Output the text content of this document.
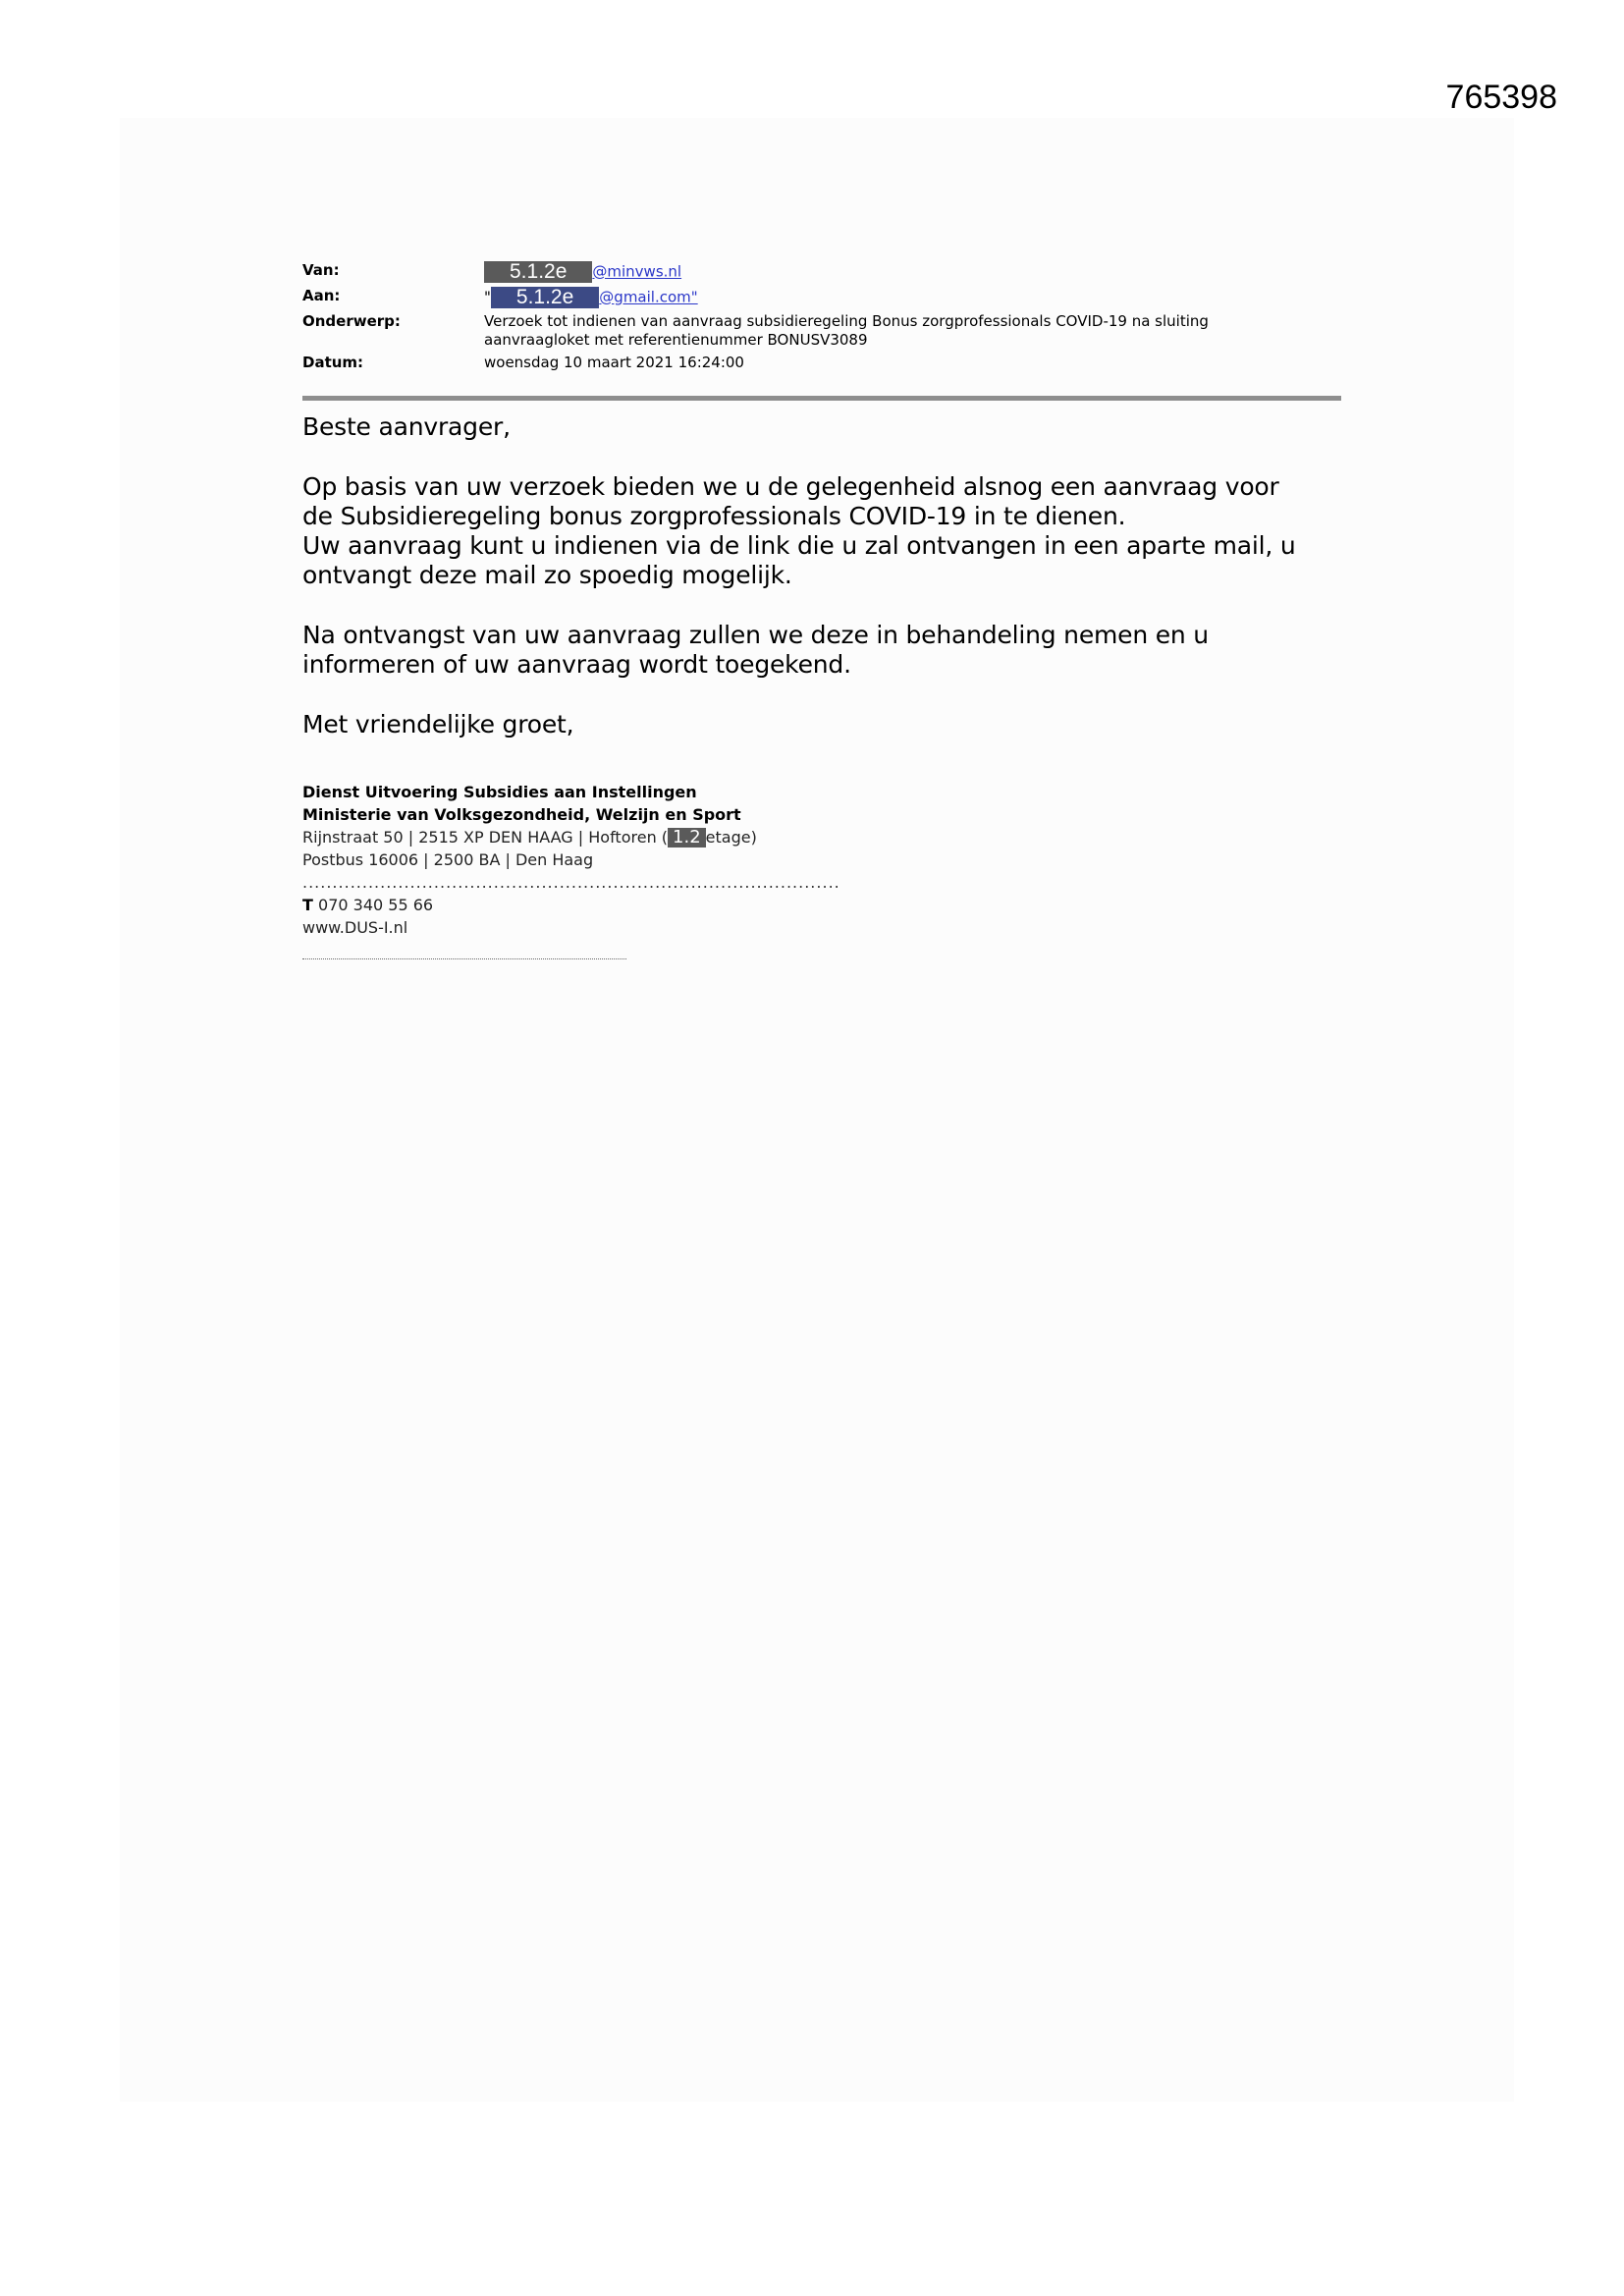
765398
Van:	5.1.2e @minvws.nl
Aan:	" 5.1.2e @gmail.com"
Onderwerp:	Verzoek tot indienen van aanvraag subsidieregeling Bonus zorgprofessionals COVID-19 na sluiting aanvraagloket met referentienummer BONUSV3089
Datum:	woensdag 10 maart 2021 16:24:00

Beste aanvrager,

Op basis van uw verzoek bieden we u de gelegenheid alsnog een aanvraag voor
de Subsidieregeling bonus zorgprofessionals COVID-19 in te dienen.
Uw aanvraag kunt u indienen via de link die u zal ontvangen in een aparte mail, u
ontvangt deze mail zo spoedig mogelijk.

Na ontvangst van uw aanvraag zullen we deze in behandeling nemen en u
informeren of uw aanvraag wordt toegekend.

Met vriendelijke groet,

Dienst Uitvoering Subsidies aan Instellingen
Ministerie van Volksgezondheid, Welzijn en Sport
Rijnstraat 50 | 2515 XP DEN HAAG | Hoftoren ( 1.2 etage)
Postbus 16006 | 2500 BA | Den Haag
..........................................................................................
T 070 340 55 66
www.DUS-I.nl
